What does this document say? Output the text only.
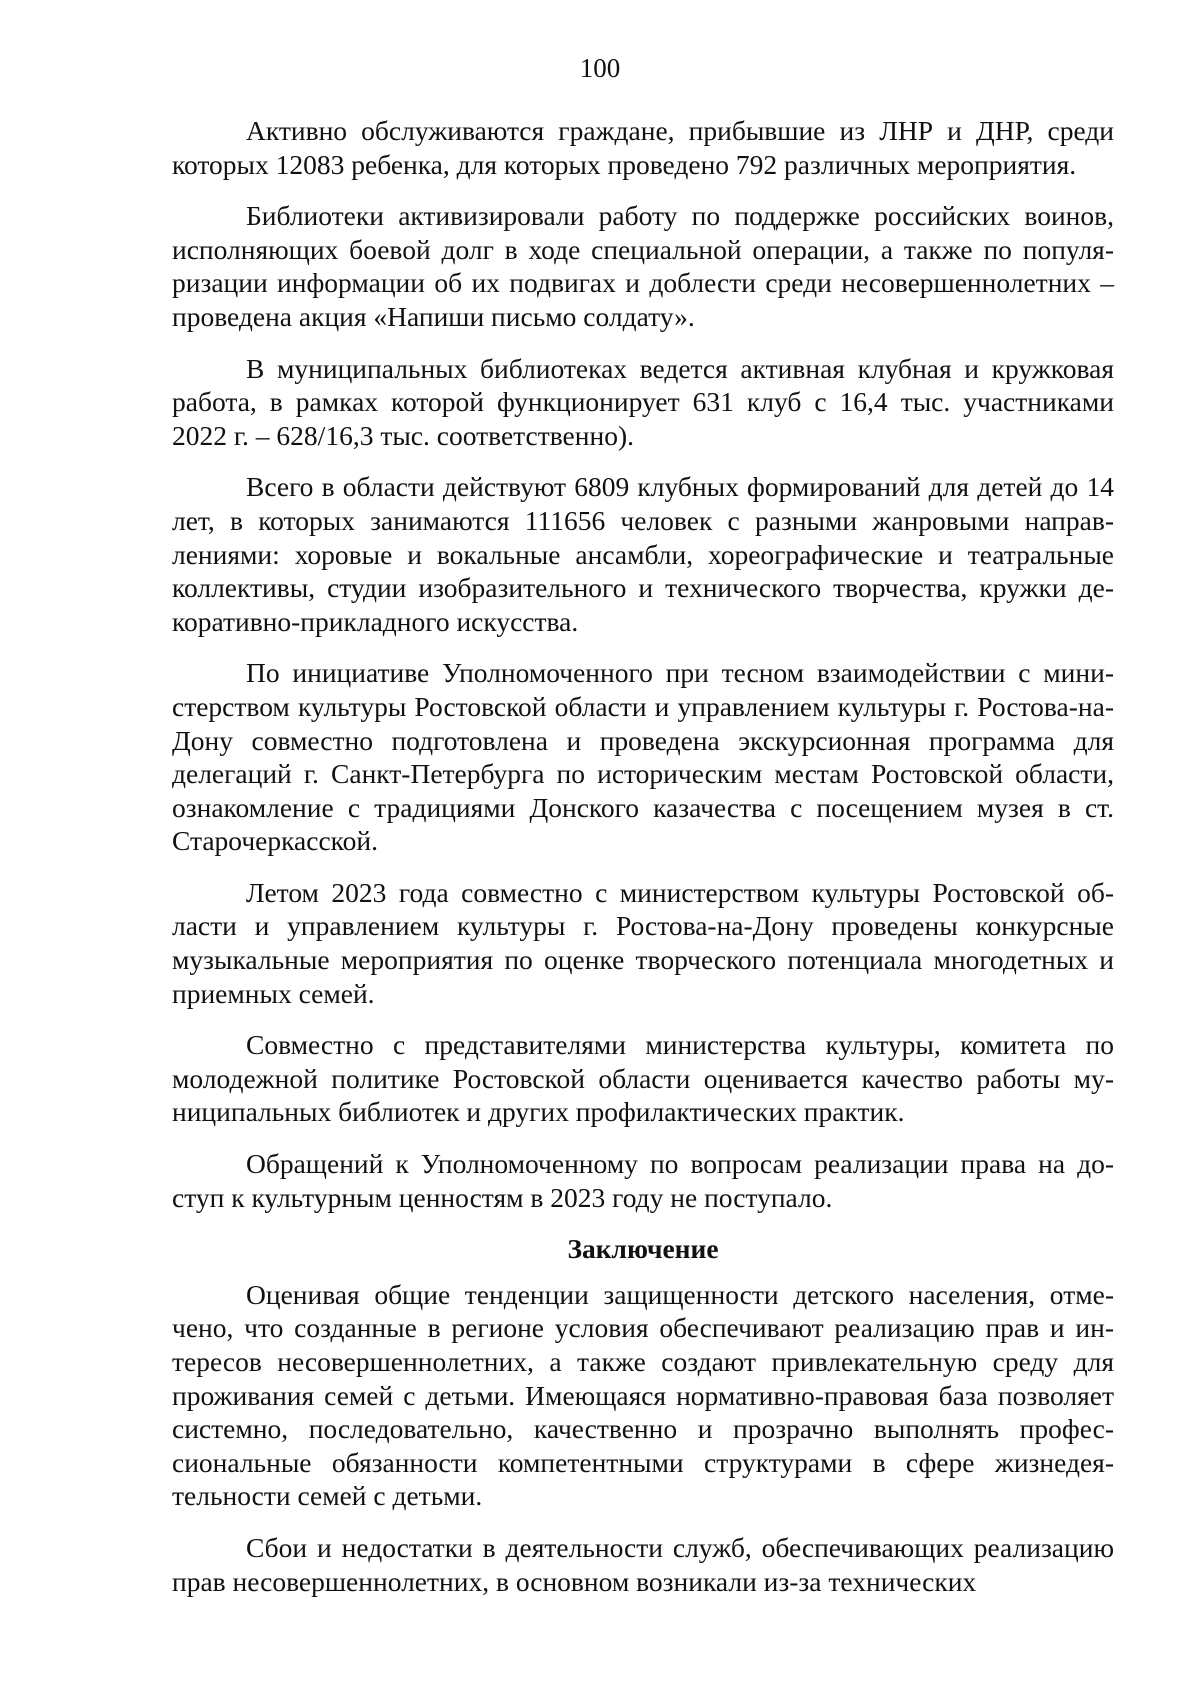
100

Активно обслуживаются граждане, прибывшие из ЛНР и ДНР, среди которых 12083 ребенка, для которых проведено 792 различных мероприятия.

Библиотеки активизировали работу по поддержке российских воинов, исполняющих боевой долг в ходе специальной операции, а также по популяризации информации об их подвигах и доблести среди несовершеннолетних – проведена акция «Напиши письмо солдату».

В муниципальных библиотеках ведется активная клубная и кружковая работа, в рамках которой функционирует 631 клуб с 16,4 тыс. участниками 2022 г. – 628/16,3 тыс. соответственно).

Всего в области действуют 6809 клубных формирований для детей до 14 лет, в которых занимаются 111656 человек с разными жанровыми направлениями: хоровые и вокальные ансамбли, хореографические и театральные коллективы, студии изобразительного и технического творчества, кружки декоративно-прикладного искусства.

По инициативе Уполномоченного при тесном взаимодействии с министерством культуры Ростовской области и управлением культуры г. Ростова-на-Дону совместно подготовлена и проведена экскурсионная программа для делегаций г. Санкт-Петербурга по историческим местам Ростовской области, ознакомление с традициями Донского казачества с посещением музея в ст. Старочеркасской.

Летом 2023 года совместно с министерством культуры Ростовской области и управлением культуры г. Ростова-на-Дону проведены конкурсные музыкальные мероприятия по оценке творческого потенциала многодетных и приемных семей.

Совместно с представителями министерства культуры, комитета по молодежной политике Ростовской области оценивается качество работы муниципальных библиотек и других профилактических практик.

Обращений к Уполномоченному по вопросам реализации права на доступ к культурным ценностям в 2023 году не поступало.

Заключение

Оценивая общие тенденции защищенности детского населения, отмечено, что созданные в регионе условия обеспечивают реализацию прав и интересов несовершеннолетних, а также создают привлекательную среду для проживания семей с детьми. Имеющаяся нормативно-правовая база позволяет системно, последовательно, качественно и прозрачно выполнять профессиональные обязанности компетентными структурами в сфере жизнедеятельности семей с детьми.

Сбои и недостатки в деятельности служб, обеспечивающих реализацию прав несовершеннолетних, в основном возникали из-за технических
